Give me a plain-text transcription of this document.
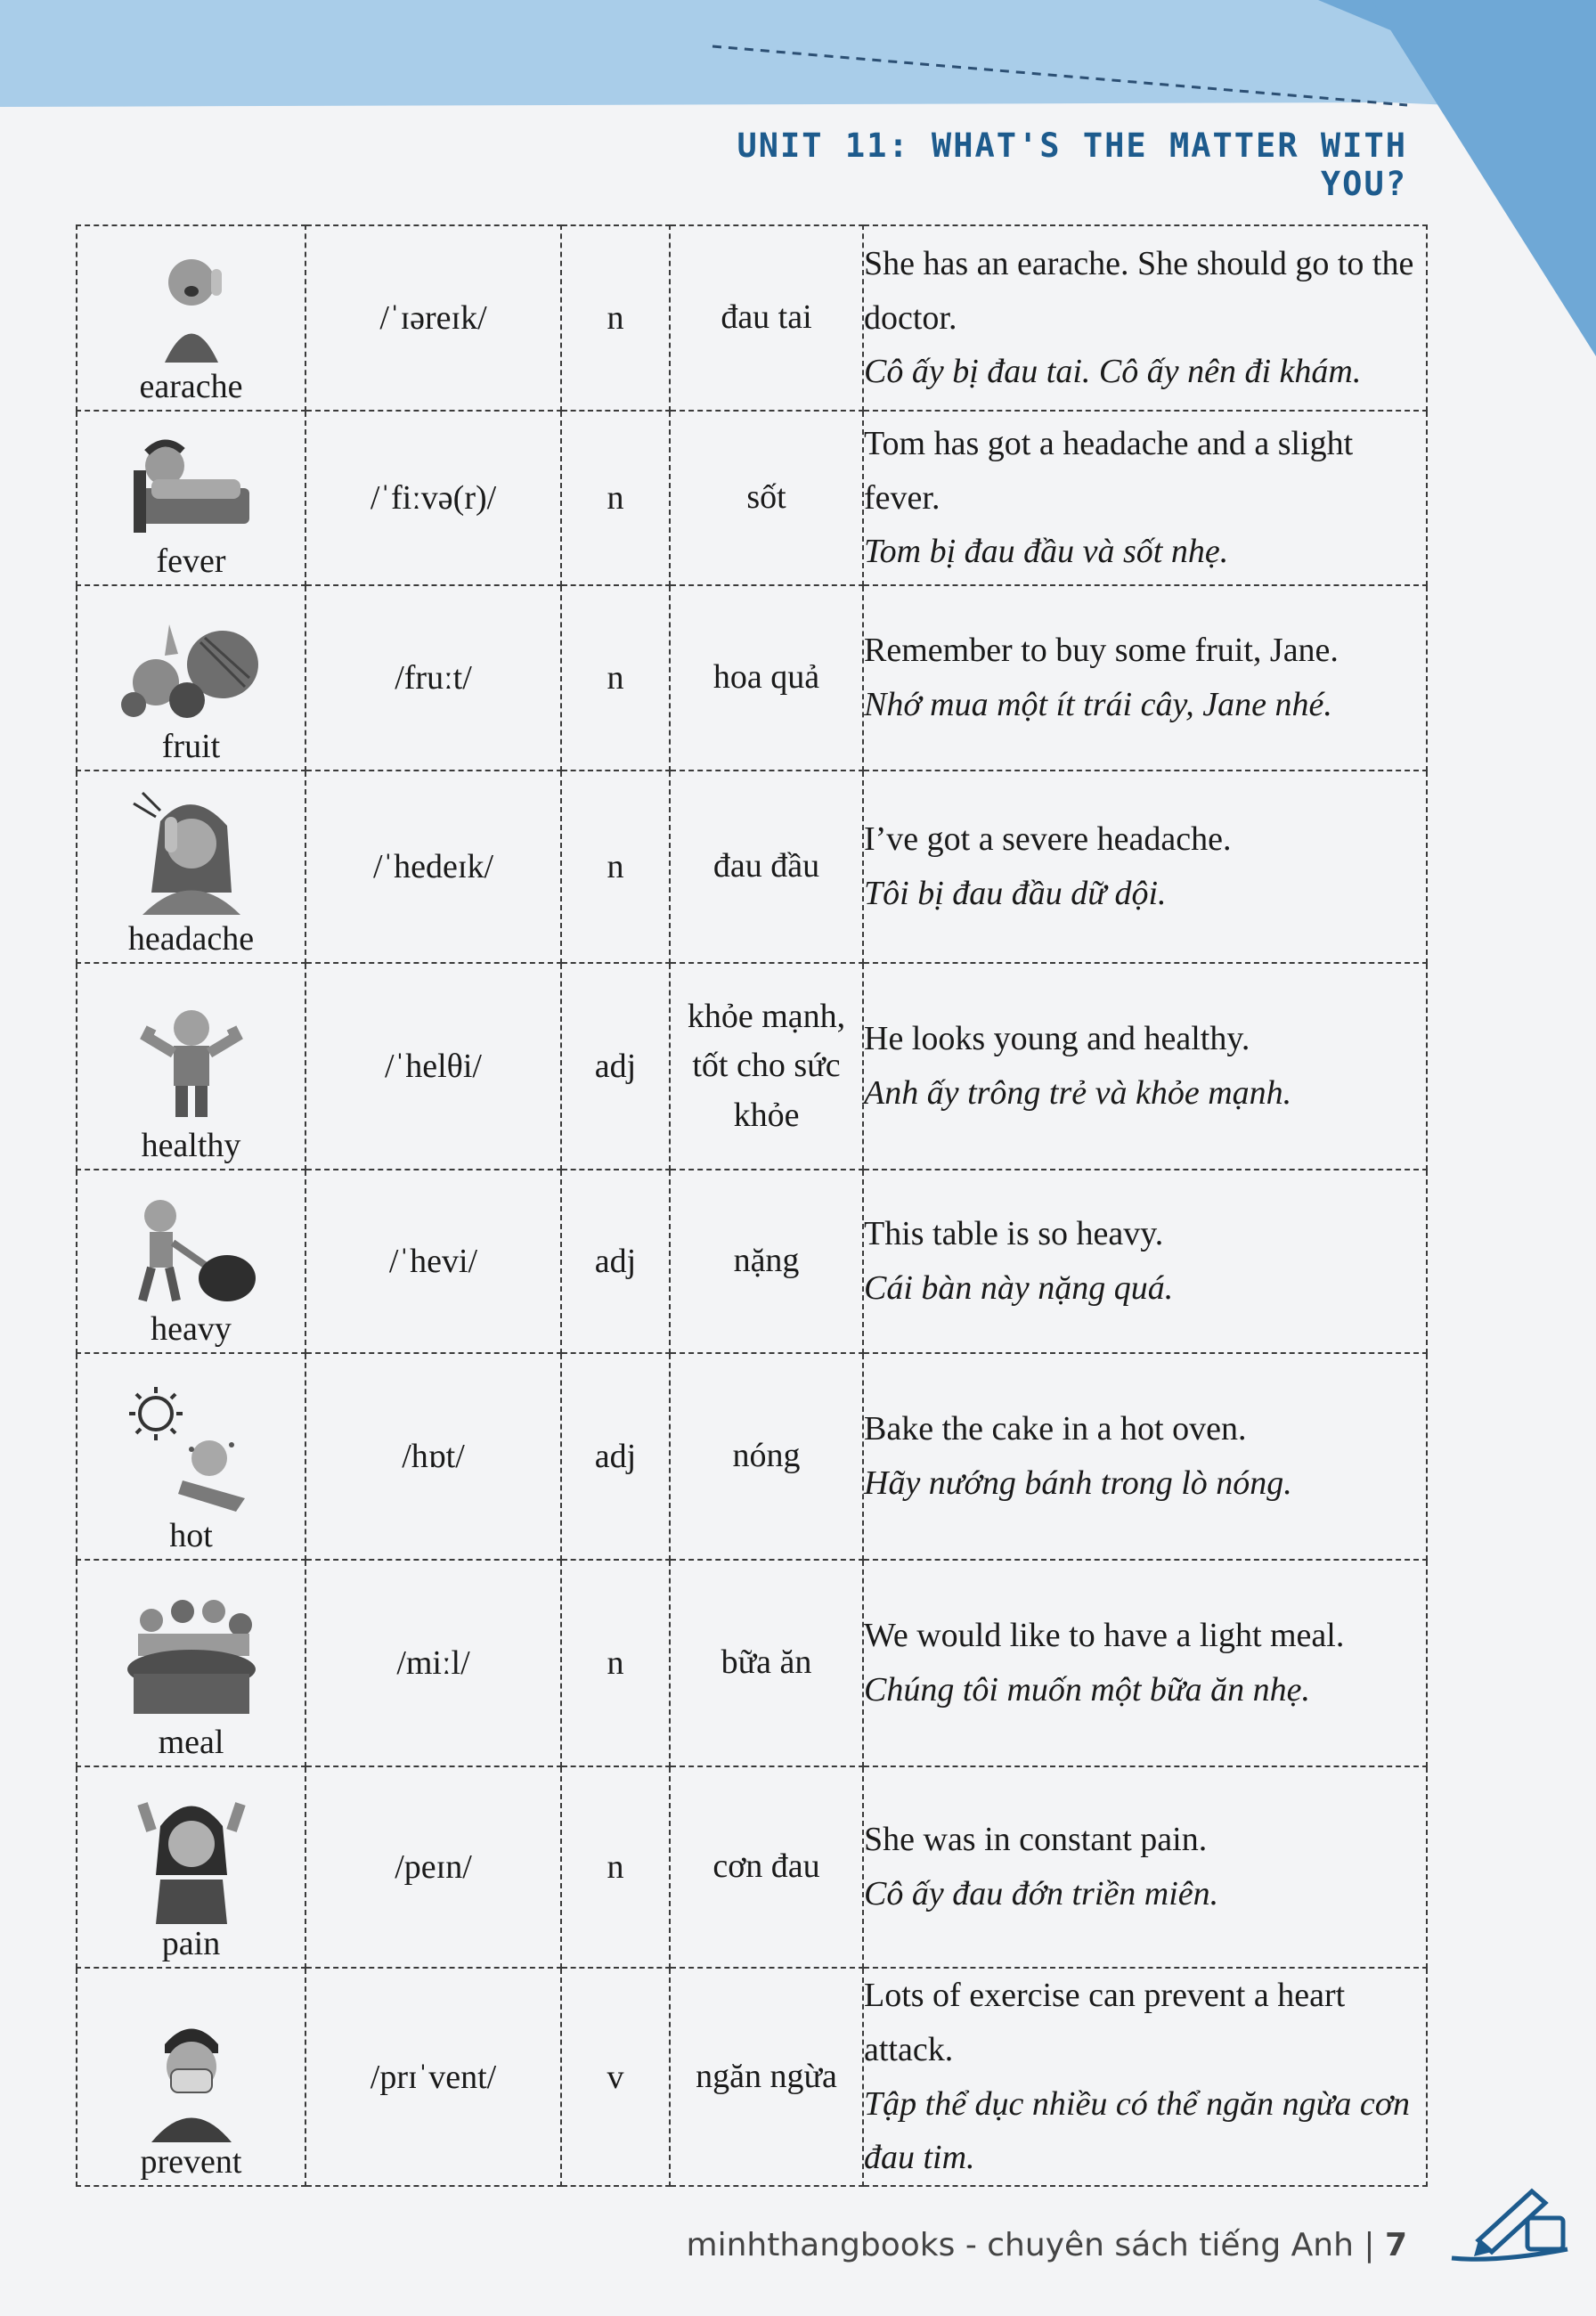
UNIT 11: WHAT'S THE MATTER WITH YOU?
earache	/ˈɪəreɪk/	n	đau tai	She has an earache. She should go to the doctor.
Cô ấy bị đau tai. Cô ấy nên đi khám.

fever	/ˈfiːvə(r)/	n	sốt	Tom has got a headache and a slight fever.
Tom bị đau đầu và sốt nhẹ.

fruit	/fruːt/	n	hoa quả	Remember to buy some fruit, Jane.
Nhớ mua một ít trái cây, Jane nhé.

headache	/ˈhedeɪk/	n	đau đầu	I’ve got a severe headache.
Tôi bị đau đầu dữ dội.

healthy	/ˈhelθi/	adj	khỏe mạnh, tốt cho sức khỏe	He looks young and healthy.
Anh ấy trông trẻ và khỏe mạnh.

heavy	/ˈhevi/	adj	nặng	This table is so heavy.
Cái bàn này nặng quá.

hot	/hɒt/	adj	nóng	Bake the cake in a hot oven.
Hãy nướng bánh trong lò nóng.

meal	/miːl/	n	bữa ăn	We would like to have a light meal.
Chúng tôi muốn một bữa ăn nhẹ.

pain	/peɪn/	n	cơn đau	She was in constant pain.
Cô ấy đau đớn triền miên.

prevent	/prɪˈvent/	v	ngăn ngừa	Lots of exercise can prevent a heart attack.
Tập thể dục nhiều có thể ngăn ngừa cơn đau tim.
minhthangbooks - chuyên sách tiếng Anh | 7
